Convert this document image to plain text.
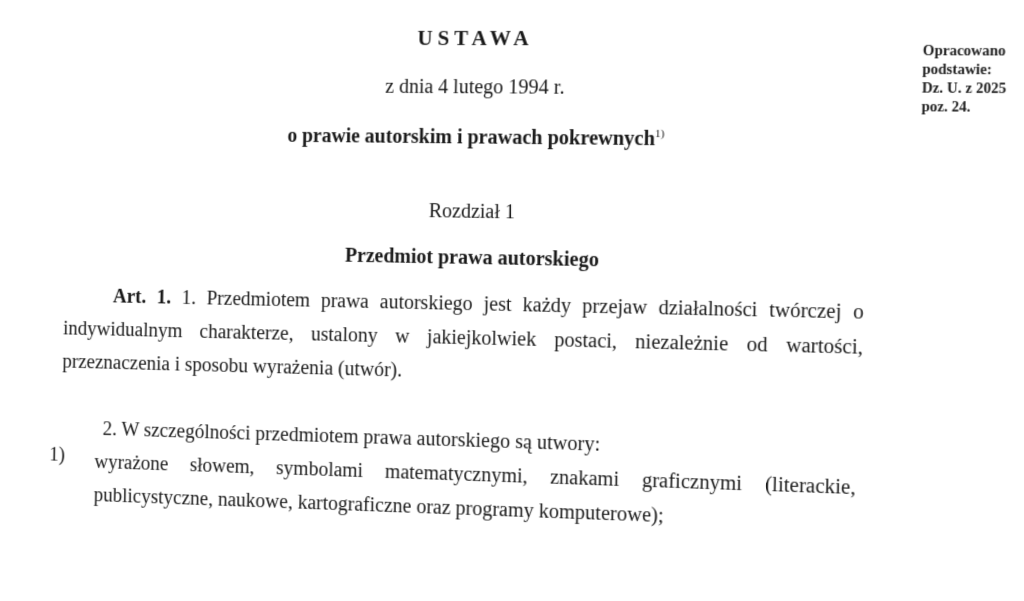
USTAWA
z dnia 4 lutego 1994 r.
o prawie autorskim i prawach pokrewnych$^{1)}$
Rozdział 1
Przedmiot prawa autorskiego
Art. 1. 1. Przedmiotem prawa autorskiego jest każdy przejaw działalności twórczej o indywidualnym charakterze, ustalony w jakiejkolwiek postaci, niezależnie od wartości, przeznaczenia i sposobu wyrażenia (utwór).
2. W szczególności przedmiotem prawa autorskiego są utwory:
1) wyrażone słowem, symbolami matematycznymi, znakami graficznymi (literackie, publicystyczne, naukowe, kartograficzne oraz programy komputerowe);
Opracowano
podstawie:
Dz. U. z 2025
poz. 24.
